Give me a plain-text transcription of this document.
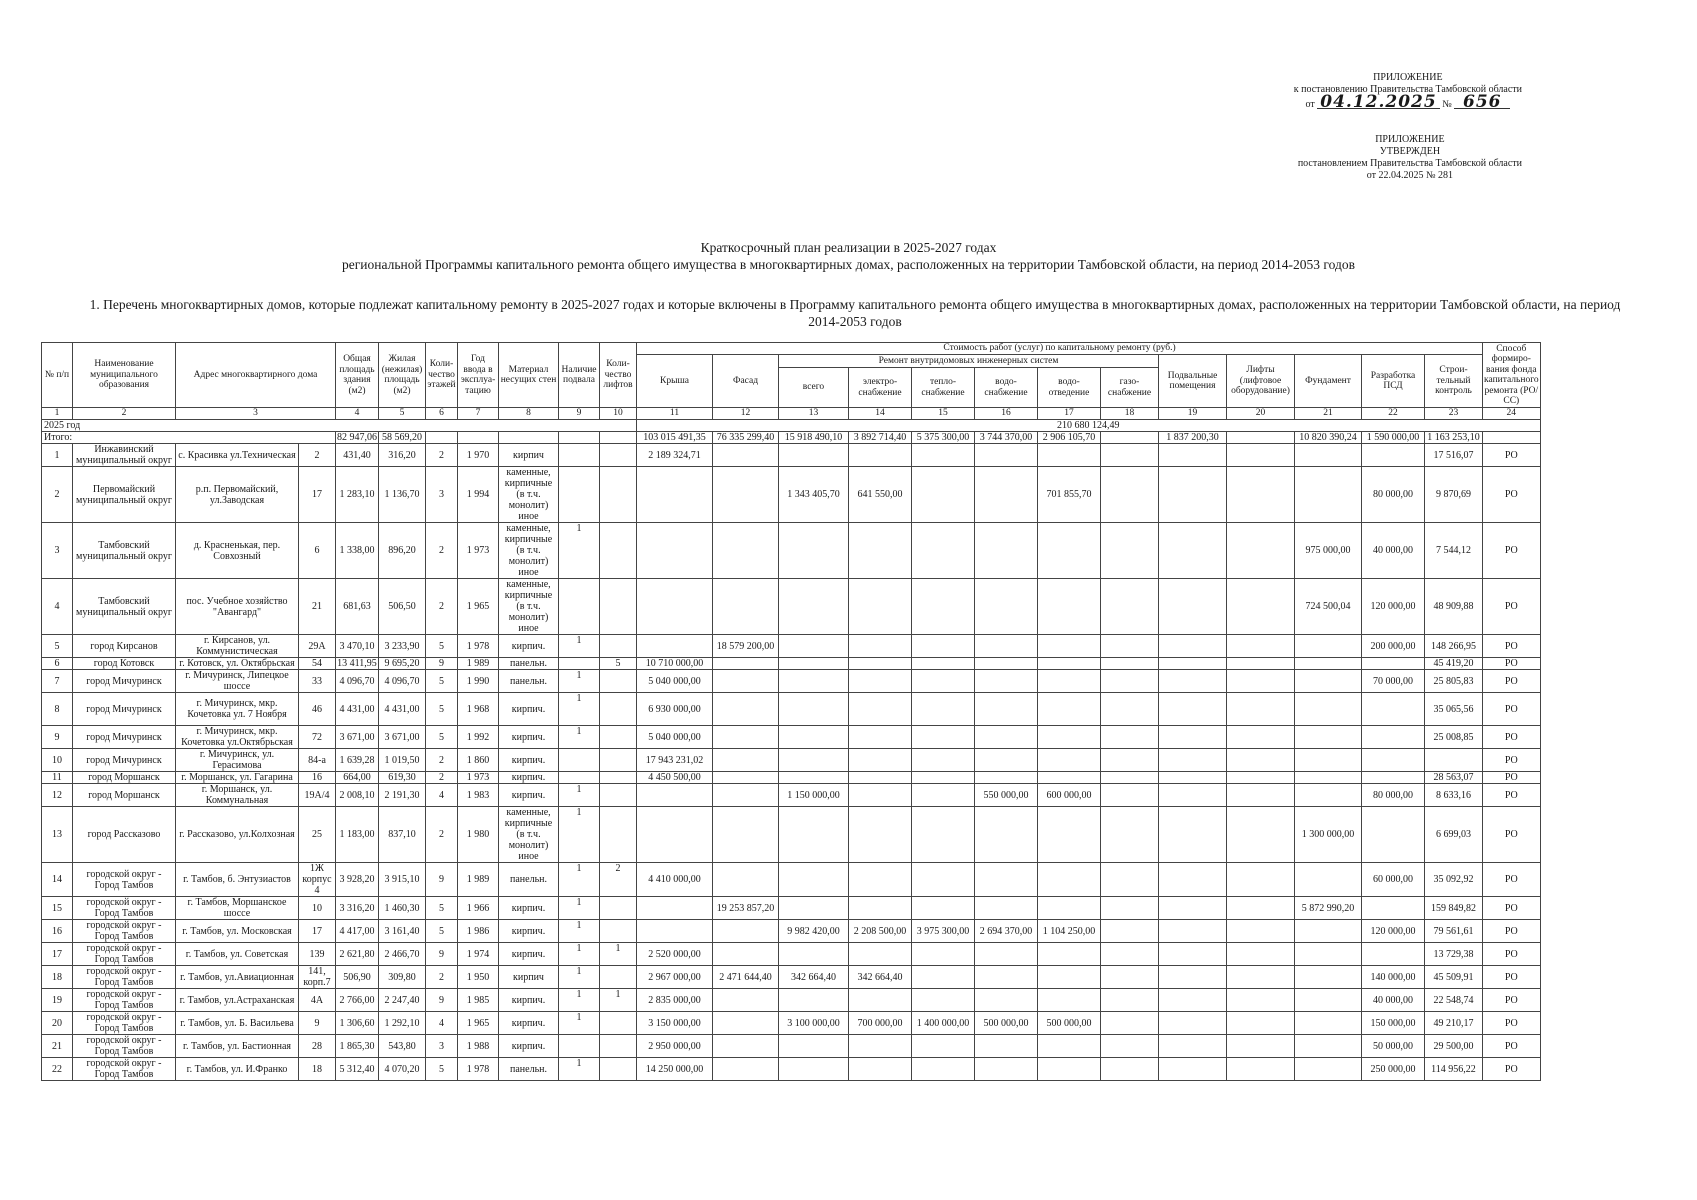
ПРИЛОЖЕНИЕ
к постановлению Правительства Тамбовской области
от 04.12.2025 № 656
ПРИЛОЖЕНИЕ
УТВЕРЖДЕН
постановлением Правительства Тамбовской области
от 22.04.2025 № 281
Краткосрочный план реализации в 2025-2027 годах
региональной Программы капитального ремонта общего имущества в многоквартирных домах, расположенных на территории Тамбовской области, на период 2014-2053 годов
1. Перечень многоквартирных домов, которые подлежат капитальному ремонту в 2025-2027 годах и которые включены в Программу капитального ремонта общего имущества в многоквартирных домах, расположенных на территории Тамбовской области, на период 2014-2053 годов
№ п/п	Наименование муниципального образования	Адрес многоквартирного дома		Общая площадь здания (м2)	Жилая (нежилая) площадь (м2)	Коли-чество этажей	Год ввода в эксплуа-тацию	Материал несущих стен	Наличие подвала	Коли-чество лифтов	Стоимость работ (услуг) по капитальному ремонту (руб.)													Способ формиро-вания фонда капитального ремонта (РО/СС)
											Крыша	Фасад	Ремонт внутридомовых инженерных систем						Подвальные помещения	Лифты (лифтовое оборудование)	Фундамент	Разработка ПСД	Строи-тельный контроль	
													всего	электро-снабжение	тепло-снабжение	водо-снабжение	водо-отведение	газо-снабжение						
1	2	3		4	5	6	7	8	9	10	11	12	13	14	15	16	17	18	19	20	21	22	23	24
2025 год											210 680 124,49													
Итого:				82 947,06	58 569,20						103 015 491,35	76 335 299,40	15 918 490,10	3 892 714,40	5 375 300,00	3 744 370,00	2 906 105,70		1 837 200,30		10 820 390,24	1 590 000,00	1 163 253,10	
1	Инжавинский муниципальный округ	с. Красивка ул.Техническая	2	431,40	316,20	2	1 970	кирпич			2 189 324,71												17 516,07	РО
2	Первомайский муниципальный округ	р.п. Первомайский, ул.Заводская	17	1 283,10	1 136,70	3	1 994	каменные, кирпичные (в т.ч. монолит) иное					1 343 405,70	641 550,00			701 855,70					80 000,00	9 870,69	РО
3	Тамбовский муниципальный округ	д. Красненькая, пер. Совхозный	6	1 338,00	896,20	2	1 973	каменные, кирпичные (в т.ч. монолит) иное	1												975 000,00	40 000,00	7 544,12	РО
4	Тамбовский муниципальный округ	пос. Учебное хозяйство "Авангард"	21	681,63	506,50	2	1 965	каменные, кирпичные (в т.ч. монолит) иное													724 500,04	120 000,00	48 909,88	РО
5	город Кирсанов	г. Кирсанов, ул. Коммунистическая	29А	3 470,10	3 233,90	5	1 978	кирпич.	1			18 579 200,00										200 000,00	148 266,95	РО
6	город Котовск	г. Котовск, ул. Октябрьская	54	13 411,95	9 695,20	9	1 989	панельн.		5	10 710 000,00												45 419,20	РО
7	город Мичуринск	г. Мичуринск, Липецкое шоссе	33	4 096,70	4 096,70	5	1 990	панельн.	1		5 040 000,00											70 000,00	25 805,83	РО
8	город Мичуринск	г. Мичуринск, мкр. Кочетовка ул. 7 Ноября	46	4 431,00	4 431,00	5	1 968	кирпич.	1		6 930 000,00												35 065,56	РО
9	город Мичуринск	г. Мичуринск, мкр. Кочетовка ул.Октябрьская	72	3 671,00	3 671,00	5	1 992	кирпич.	1		5 040 000,00												25 008,85	РО
10	город Мичуринск	г. Мичуринск, ул. Герасимова	84-а	1 639,28	1 019,50	2	1 860	кирпич.			17 943 231,02													РО
11	город Моршанск	г. Моршанск, ул. Гагарина	16	664,00	619,30	2	1 973	кирпич.			4 450 500,00												28 563,07	РО
12	город Моршанск	г. Моршанск, ул. Коммунальная	19А/4	2 008,10	2 191,30	4	1 983	кирпич.	1				1 150 000,00			550 000,00	600 000,00					80 000,00	8 633,16	РО
13	город Рассказово	г. Рассказово, ул.Колхозная	25	1 183,00	837,10	2	1 980	каменные, кирпичные (в т.ч. монолит) иное	1												1 300 000,00		6 699,03	РО
14	городской округ - Город Тамбов	г. Тамбов, б. Энтузиастов	1Ж корпус 4	3 928,20	3 915,10	9	1 989	панельн.	1	2	4 410 000,00											60 000,00	35 092,92	РО
15	городской округ - Город Тамбов	г. Тамбов, Моршанское шоссе	10	3 316,20	1 460,30	5	1 966	кирпич.	1			19 253 857,20									5 872 990,20		159 849,82	РО
16	городской округ - Город Тамбов	г. Тамбов, ул. Московская	17	4 417,00	3 161,40	5	1 986	кирпич.	1				9 982 420,00	2 208 500,00	3 975 300,00	2 694 370,00	1 104 250,00					120 000,00	79 561,61	РО
17	городской округ - Город Тамбов	г. Тамбов, ул. Советская	139	2 621,80	2 466,70	9	1 974	кирпич.	1	1	2 520 000,00												13 729,38	РО
18	городской округ - Город Тамбов	г. Тамбов, ул.Авиационная	141, корп.7	506,90	309,80	2	1 950	кирпич	1		2 967 000,00	2 471 644,40	342 664,40	342 664,40								140 000,00	45 509,91	РО
19	городской округ - Город Тамбов	г. Тамбов, ул.Астраханская	4А	2 766,00	2 247,40	9	1 985	кирпич.	1	1	2 835 000,00											40 000,00	22 548,74	РО
20	городской округ - Город Тамбов	г. Тамбов, ул. Б. Васильева	9	1 306,60	1 292,10	4	1 965	кирпич.	1		3 150 000,00		3 100 000,00	700 000,00	1 400 000,00	500 000,00	500 000,00					150 000,00	49 210,17	РО
21	городской округ - Город Тамбов	г. Тамбов, ул. Бастионная	28	1 865,30	543,80	3	1 988	кирпич.			2 950 000,00											50 000,00	29 500,00	РО
22	городской округ - Город Тамбов	г. Тамбов, ул. И.Франко	18	5 312,40	4 070,20	5	1 978	панельн.	1		14 250 000,00											250 000,00	114 956,22	РО
